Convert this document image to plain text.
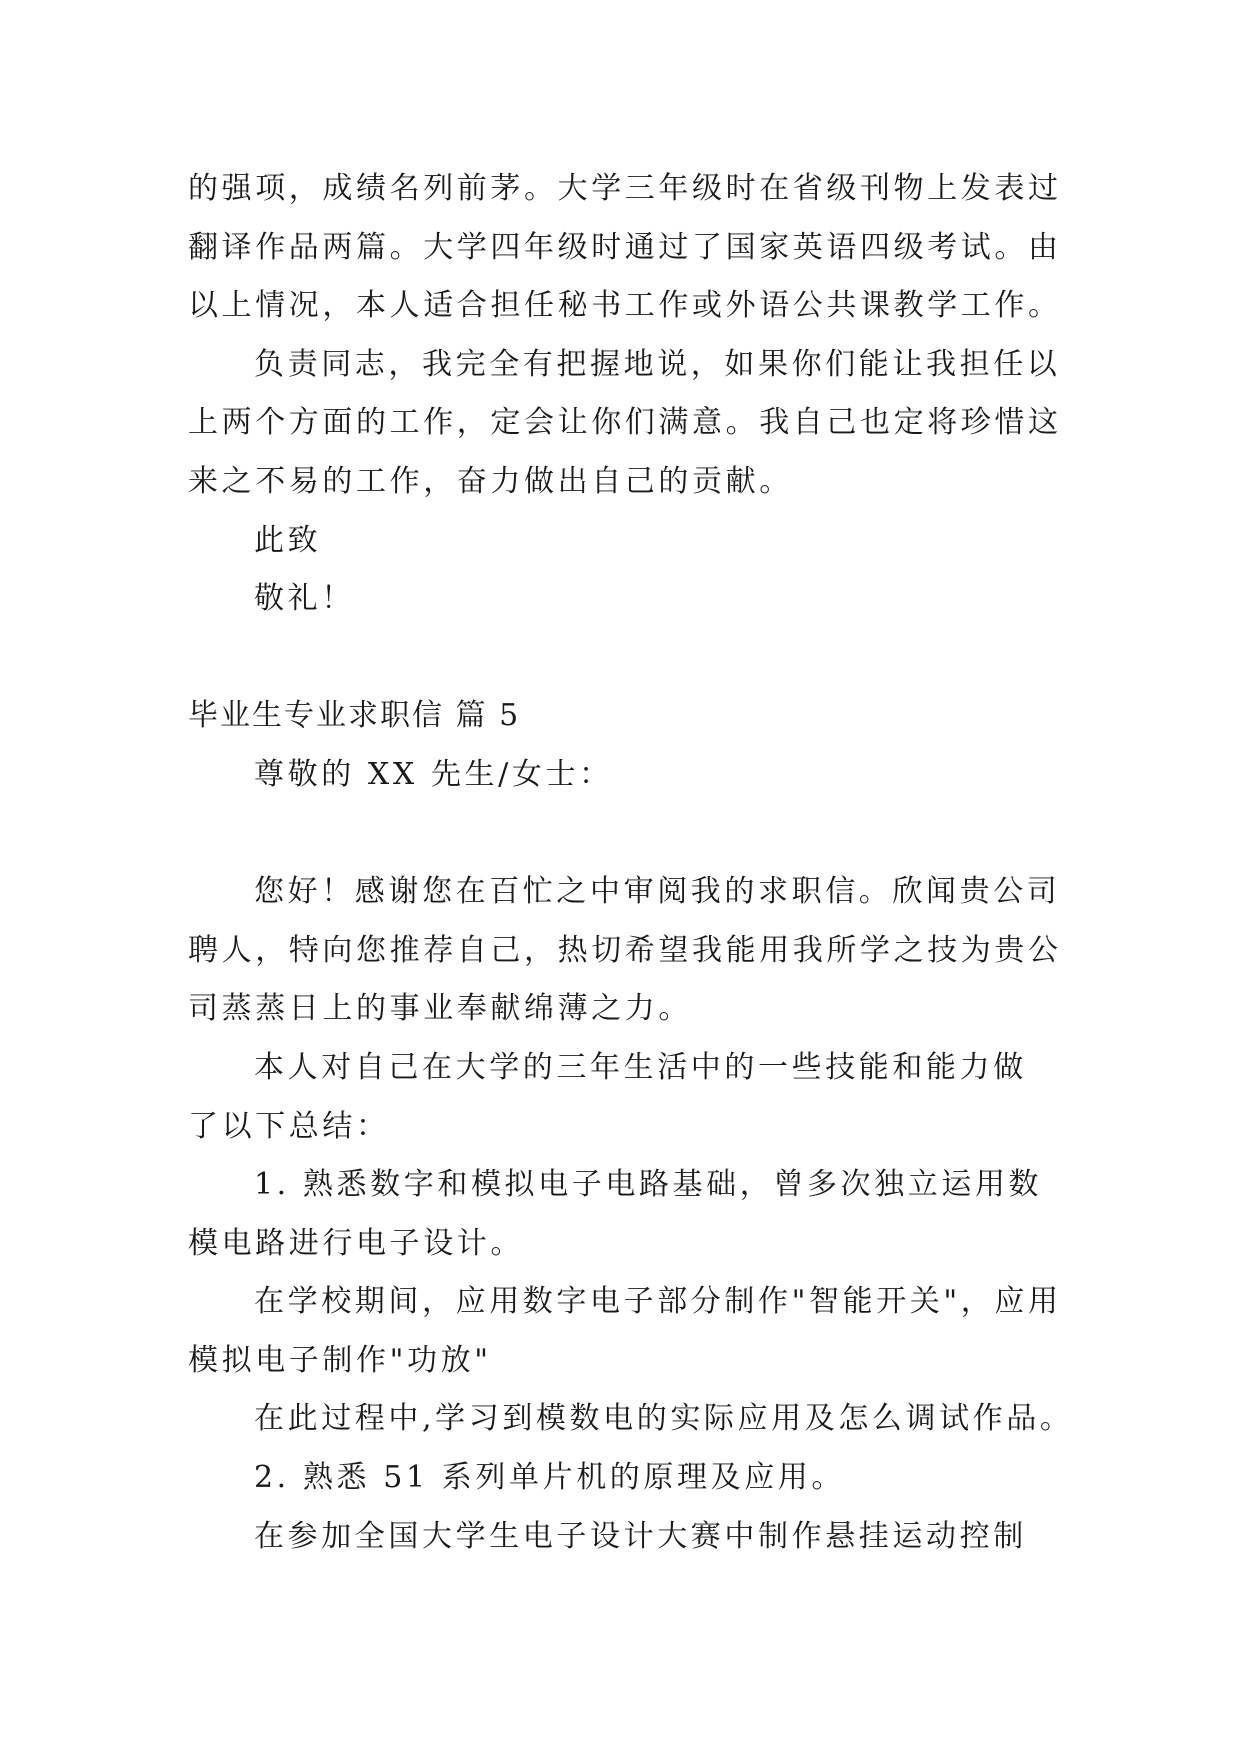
的强项，成绩名列前茅。大学三年级时在省级刊物上发表过
翻译作品两篇。大学四年级时通过了国家英语四级考试。由
以上情况，本人适合担任秘书工作或外语公共课教学工作。
负责同志，我完全有把握地说，如果你们能让我担任以
上两个方面的工作，定会让你们满意。我自己也定将珍惜这
来之不易的工作，奋力做出自己的贡献。
此致
敬礼！
毕业生专业求职信 篇 5
尊敬的 XX 先生/女士：
您好！感谢您在百忙之中审阅我的求职信。欣闻贵公司
聘人，特向您推荐自己，热切希望我能用我所学之技为贵公
司蒸蒸日上的事业奉献绵薄之力。
本人对自己在大学的三年生活中的一些技能和能力做
了以下总结：
1. 熟悉数字和模拟电子电路基础，曾多次独立运用数
模电路进行电子设计。
在学校期间，应用数字电子部分制作"智能开关"，应用
模拟电子制作"功放"
在此过程中,学习到模数电的实际应用及怎么调试作品。
2. 熟悉 51 系列单片机的原理及应用。
在参加全国大学生电子设计大赛中制作悬挂运动控制
